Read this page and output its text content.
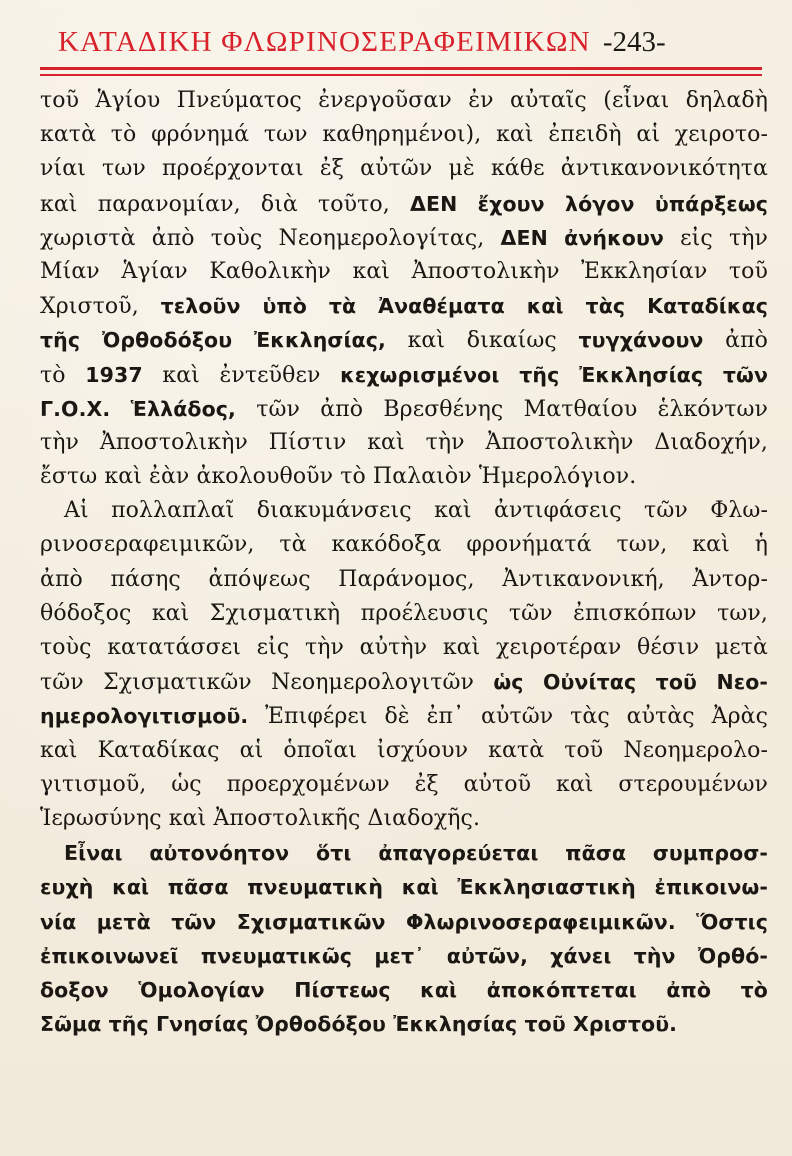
ΚΑΤΑΔΙΚΗ ΦΛΩΡΙΝΟΣΕΡΑΦΕΙΜΙΚΩΝ -243-
τοῦ Ἁγίου Πνεύματος ἐνεργοῦσαν ἐν αὐταῖς (εἶναι δηλαδὴ
κατὰ τὸ φρόνημά των καθηρημένοι), καὶ ἐπειδὴ αἱ χειροτο-
νίαι των προέρχονται ἐξ αὐτῶν μὲ κάθε ἀντικανονικότητα
καὶ παρανομίαν, διὰ τοῦτο, ΔΕΝ ἔχουν λόγον ὑπάρξεως
χωριστὰ ἀπὸ τοὺς Νεοημερολογίτας, ΔΕΝ ἀνήκουν εἰς τὴν
Μίαν Ἁγίαν Καθολικὴν καὶ Ἀποστολικὴν Ἐκκλησίαν τοῦ
Χριστοῦ, τελοῦν ὑπὸ τὰ Ἀναθέματα καὶ τὰς Καταδίκας
τῆς Ὀρθοδόξου Ἐκκλησίας, καὶ δικαίως τυγχάνουν ἀπὸ
τὸ 1937 καὶ ἐντεῦθεν κεχωρισμένοι τῆς Ἐκκλησίας τῶν
Γ.Ο.Χ. Ἑλλάδος, τῶν ἀπὸ Βρεσθένης Ματθαίου ἑλκόντων
τὴν Ἀποστολικὴν Πίστιν καὶ τὴν Ἀποστολικὴν Διαδοχήν,
ἔστω καὶ ἐὰν ἀκολουθοῦν τὸ Παλαιὸν Ἡμερολόγιον.
Αἱ πολλαπλαῖ διακυμάνσεις καὶ ἀντιφάσεις τῶν Φλω-
ρινοσεραφειμικῶν, τὰ κακόδοξα φρονήματά των, καὶ ἡ
ἀπὸ πάσης ἀπόψεως Παράνομος, Ἀντικανονική, Ἀντορ-
θόδοξος καὶ Σχισματικὴ προέλευσις τῶν ἐπισκόπων των,
τοὺς κατατάσσει εἰς τὴν αὐτὴν καὶ χειροτέραν θέσιν μετὰ
τῶν Σχισματικῶν Νεοημερολογιτῶν ὡς Οὐνίτας τοῦ Νεο-
ημερολογιτισμοῦ. Ἐπιφέρει δὲ ἐπ᾽ αὐτῶν τὰς αὐτὰς Ἀρὰς
καὶ Καταδίκας αἱ ὁποῖαι ἰσχύουν κατὰ τοῦ Νεοημερολο-
γιτισμοῦ, ὡς προερχομένων ἐξ αὐτοῦ καὶ στερουμένων
Ἱερωσύνης καὶ Ἀποστολικῆς Διαδοχῆς.
Εἶναι αὐτονόητον ὅτι ἀπαγορεύεται πᾶσα συμπροσ-
ευχὴ καὶ πᾶσα πνευματικὴ καὶ Ἐκκλησιαστικὴ ἐπικοινω-
νία μετὰ τῶν Σχισματικῶν Φλωρινοσεραφειμικῶν. Ὅστις
ἐπικοινωνεῖ πνευματικῶς μετ᾽ αὐτῶν, χάνει τὴν Ὀρθό-
δοξον Ὁμολογίαν Πίστεως καὶ ἀποκόπτεται ἀπὸ τὸ
Σῶμα τῆς Γνησίας Ὀρθοδόξου Ἐκκλησίας τοῦ Χριστοῦ.
